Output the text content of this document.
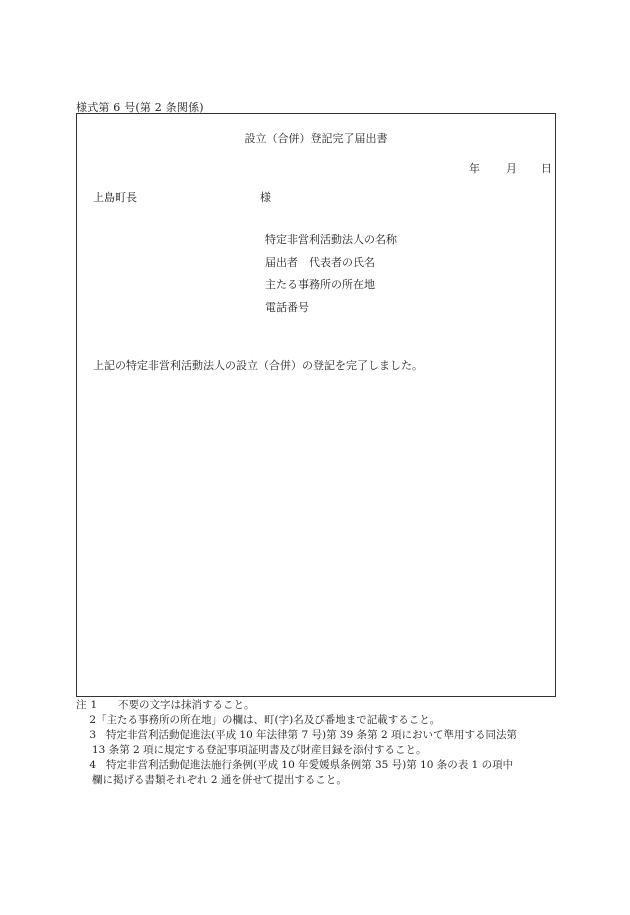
様式第 6 号(第 2 条関係)
設立（合併）登記完了届出書
年 月 日
上島町長	様
特定非営利活動法人の名称
届出者　代表者の氏名
主たる事務所の所在地
電話番号
上記の特定非営利活動法人の設立（合併）の登記を完了しました。
注 1	不要の文字は抹消すること。
2 「主たる事務所の所在地」の欄は、町(字)名及び番地まで記載すること。
3 特定非営利活動促進法(平成 10 年法律第 7 号)第 39 条第 2 項において準用する同法第
13 条第 2 項に規定する登記事項証明書及び財産目録を添付すること。
4 特定非営利活動促進法施行条例(平成 10 年愛媛県条例第 35 号)第 10 条の表 1 の項中
欄に掲げる書類それぞれ 2 通を併せて提出すること。
